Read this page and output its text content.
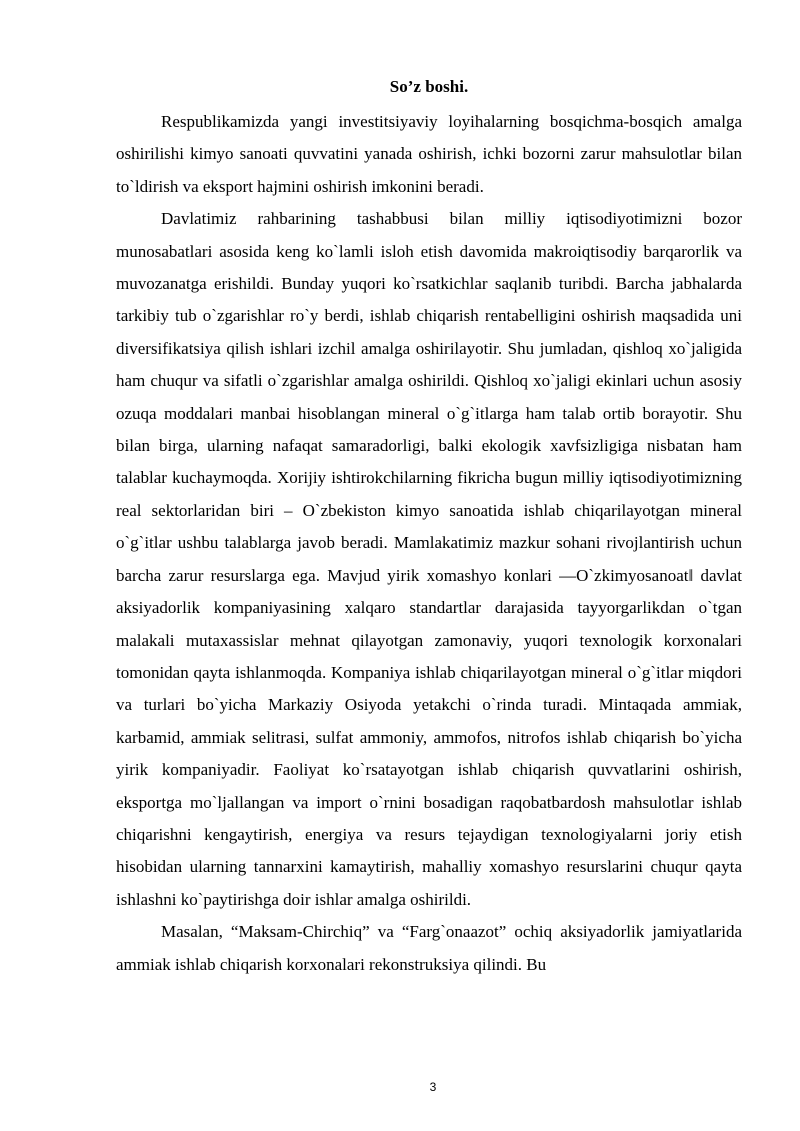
So’z boshi.

Respublikamizda yangi investitsiyaviy loyihalarning bosqichma-bosqich amalga oshirilishi kimyo sanoati quvvatini yanada oshirish, ichki bozorni zarur mahsulotlar bilan to`ldirish va eksport hajmini oshirish imkonini beradi.

Davlatimiz rahbarining tashabbusi bilan milliy iqtisodiyotimizni bozor munosabatlari asosida keng ko`lamli isloh etish davomida makroiqtisodiy barqarorlik va muvozanatga erishildi. Bunday yuqori ko`rsatkichlar saqlanib turibdi. Barcha jabhalarda tarkibiy tub o`zgarishlar ro`y berdi, ishlab chiqarish rentabelligini oshirish maqsadida uni diversifikatsiya qilish ishlari izchil amalga oshirilayotir. Shu jumladan, qishloq xo`jaligida ham chuqur va sifatli o`zgarishlar amalga oshirildi. Qishloq xo`jaligi ekinlari uchun asosiy ozuqa moddalari manbai hisoblangan mineral o`g`itlarga ham talab ortib borayotir. Shu bilan birga, ularning nafaqat samaradorligi, balki ekologik xavfsizligiga nisbatan ham talablar kuchaymoqda. Xorijiy ishtirokchilarning fikricha bugun milliy iqtisodiyotimizning real sektorlaridan biri – O`zbekiston kimyo sanoatida ishlab chiqarilayotgan mineral o`g`itlar ushbu talablarga javob beradi. Mamlakatimiz mazkur sohani rivojlantirish uchun barcha zarur resurslarga ega. Mavjud yirik xomashyo konlari ―O`zkimyosanoat‖ davlat aksiyadorlik kompaniyasining xalqaro standartlar darajasida tayyorgarlikdan o`tgan malakali mutaxassislar mehnat qilayotgan zamonaviy, yuqori texnologik korxonalari tomonidan qayta ishlanmoqda. Kompaniya ishlab chiqarilayotgan mineral o`g`itlar miqdori va turlari bo`yicha Markaziy Osiyoda yetakchi o`rinda turadi. Mintaqada ammiak, karbamid, ammiak selitrasi, sulfat ammoniy, ammofos, nitrofos ishlab chiqarish bo`yicha yirik kompaniyadir. Faoliyat ko`rsatayotgan ishlab chiqarish quvvatlarini oshirish, eksportga mo`ljallangan va import o`rnini bosadigan raqobatbardosh mahsulotlar ishlab chiqarishni kengaytirish, energiya va resurs tejaydigan texnologiyalarni joriy etish hisobidan ularning tannarxini kamaytirish, mahalliy xomashyo resurslarini chuqur qayta ishlashni ko`paytirishga doir ishlar amalga oshirildi.

Masalan, “Maksam-Chirchiq” va “Farg`onaazot” ochiq aksiyadorlik jamiyatlarida ammiak ishlab chiqarish korxonalari rekonstruksiya qilindi. Bu

3
